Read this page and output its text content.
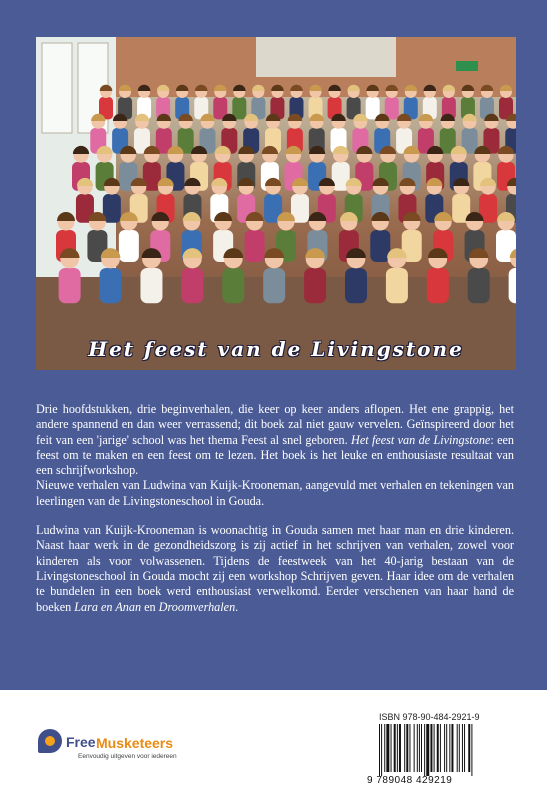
Het feest van de Livingstone

Drie hoofdstukken, drie beginverhalen, die keer op keer anders aflopen. Het ene grappig, het andere spannend en dan weer verrassend; dit boek zal niet gauw vervelen. Geïnspireerd door het feit van een 'jarige' school was het thema Feest al snel geboren. Het feest van de Livingstone: een feest om te maken en een feest om te lezen. Het boek is het leuke en enthousiaste resultaat van een schrijfworkshop.

Nieuwe verhalen van Ludwina van Kuijk-Krooneman, aangevuld met verhalen en tekeningen van leerlingen van de Livingstoneschool in Gouda.

Ludwina van Kuijk-Krooneman is woonachtig in Gouda samen met haar man en drie kinderen. Naast haar werk in de gezondheidszorg is zij actief in het schrijven van verhalen, zowel voor kinderen als voor volwassenen. Tijdens de feestweek van het 40-jarig bestaan van de Livingstoneschool in Gouda mocht zij een workshop Schrijven geven. Haar idee om de verhalen te bundelen in een boek werd enthousiast verwelkomd. Eerder verschenen van haar hand de boeken Lara en Anan en Droomverhalen.

Free Musketeers
Eenvoudig uitgeven voor iedereen
ISBN 978-90-484-2921-9
9 789048 429219
